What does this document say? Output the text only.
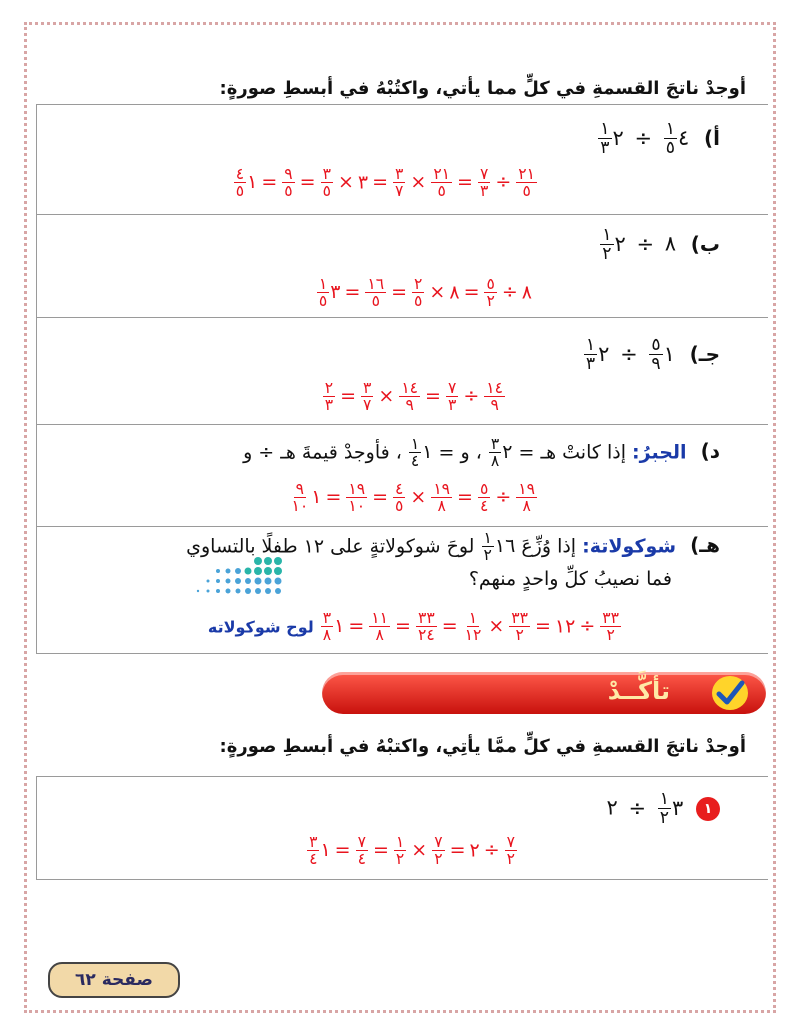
أوجدْ ناتجَ القسمةِ في كلٍّ مما يأتي، واكتُبْهُ في أبسطِ صورةٍ:
أ) ٤
$\frac{١}{٥}$
÷ ٢
$\frac{١}{٣}$
$\frac{٢١}{٥}$
÷
$\frac{٧}{٣}$
=
$\frac{٢١}{٥}$
×
$\frac{٣}{٧}$
=٣×
$\frac{٣}{٥}$
=
$\frac{٩}{٥}$
=١
$\frac{٤}{٥}$
ب) ٨ ÷ ٢
$\frac{١}{٢}$
٨÷
$\frac{٥}{٢}$
=٨×
$\frac{٢}{٥}$
=
$\frac{١٦}{٥}$
=٣
$\frac{١}{٥}$
جـ) ١
$\frac{٥}{٩}$
÷ ٢
$\frac{١}{٣}$
$\frac{١٤}{٩}$
÷
$\frac{٧}{٣}$
=
$\frac{١٤}{٩}$
×
$\frac{٣}{٧}$
=
$\frac{٢}{٣}$
د) الجبرُ: إذا كانتْ هـ = ٢
$\frac{٣}{٨}$
، و = ١
$\frac{١}{٤}$
، فأوجدْ قيمةَ هـ ÷ و
$\frac{١٩}{٨}$
÷
$\frac{٥}{٤}$
=
$\frac{١٩}{٨}$
×
$\frac{٤}{٥}$
=
$\frac{١٩}{١٠}$
=١
$\frac{٩}{١٠}$
هـ) شوكولاتة: إذا وُزِّعَ ١٦
$\frac{١}{٢}$
لوحَ شوكولاتةٍ على ١٢ طفلًا بالتساوي
فما نصيبُ كلِّ واحدٍ منهم؟
$\frac{٣٣}{٢}$
÷١٢=
$\frac{٣٣}{٢}$
×
$\frac{١}{١٢}$
=
$\frac{٣٣}{٢٤}$
=
$\frac{١١}{٨}$
=١
$\frac{٣}{٨}$
لوح شوكولاته
تأكَّــدْ
أوجدْ ناتجَ القسمةِ في كلٍّ ممَّا يأتِي، واكتبْهُ في أبسطِ صورةٍ:
١ ٣
$\frac{١}{٢}$
÷ ٢
$\frac{٧}{٢}$
÷٢=
$\frac{٧}{٢}$
×
$\frac{١}{٢}$
=
$\frac{٧}{٤}$
=١
$\frac{٣}{٤}$
صفحة ٦٢
